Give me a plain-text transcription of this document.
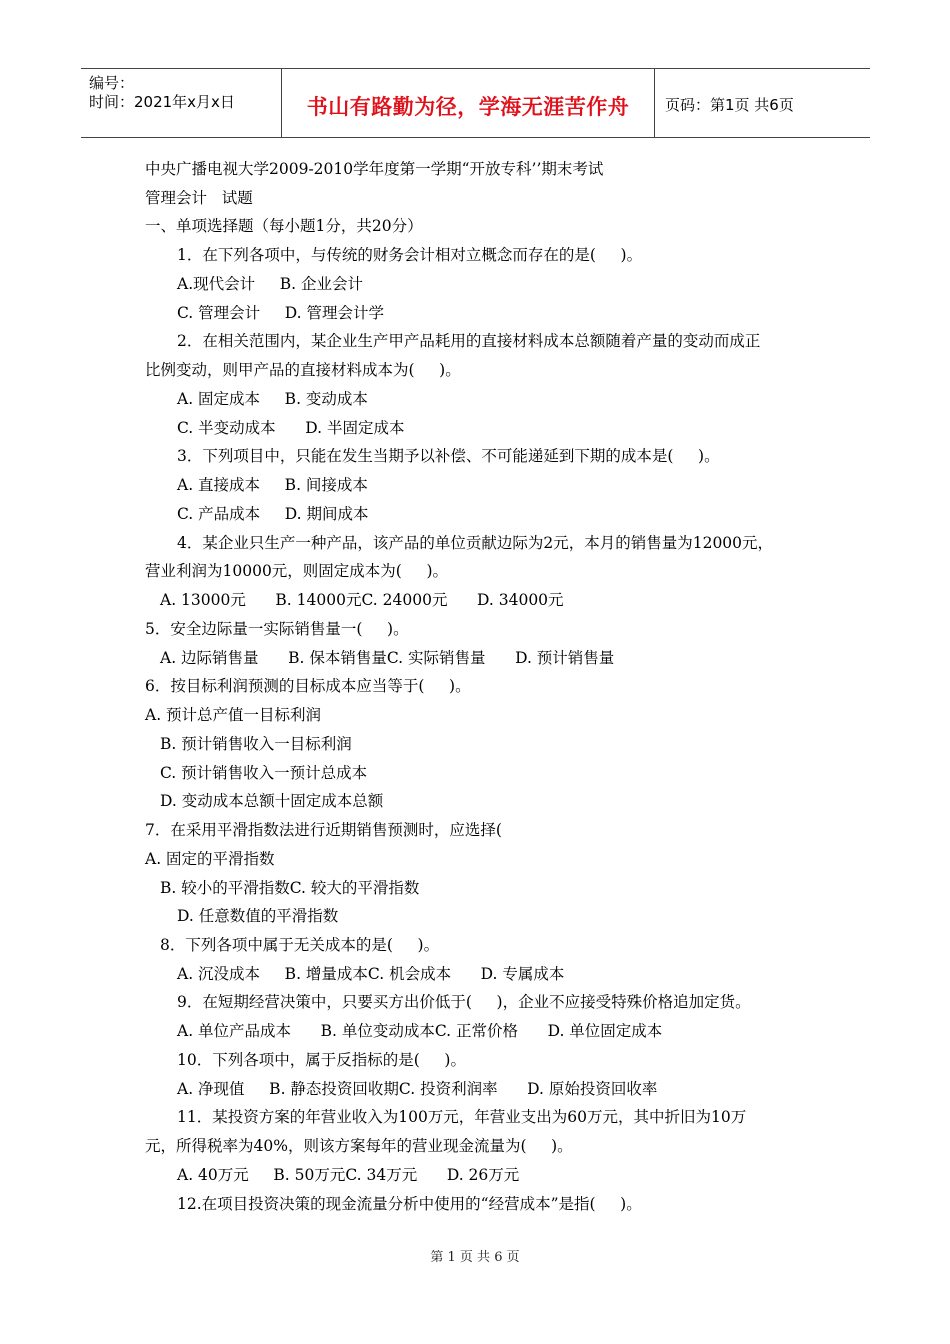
编号：
时间：2021年x月x日	书山有路勤为径，学海无涯苦作舟	页码：第1页 共6页
中央广播电视大学2009-2010学年度第一学期“开放专科’’期末考试
管理会计   试题
一、单项选择题（每小题1分，共20分）
1．在下列各项中，与传统的财务会计相对立概念而存在的是(     )。
A.现代会计     B. 企业会计
C. 管理会计     D. 管理会计学
2．在相关范围内，某企业生产甲产品耗用的直接材料成本总额随着产量的变动而成正
比例变动，则甲产品的直接材料成本为(     )。
A. 固定成本     B. 变动成本
C. 半变动成本      D. 半固定成本
3．下列项目中，只能在发生当期予以补偿、不可能递延到下期的成本是(     )。
A. 直接成本     B. 间接成本
C. 产品成本     D. 期间成本
4．某企业只生产一种产品，该产品的单位贡献边际为2元，本月的销售量为12000元，
营业利润为10000元，则固定成本为(     )。
A. 13000元      B. 14000元C. 24000元      D. 34000元
5．安全边际量一实际销售量一(     )。
A. 边际销售量      B. 保本销售量C. 实际销售量      D. 预计销售量
6．按目标利润预测的目标成本应当等于(     )。
A. 预计总产值一目标利润
B. 预计销售收入一目标利润
C. 预计销售收入一预计总成本
D. 变动成本总额十固定成本总额
7．在采用平滑指数法进行近期销售预测时，应选择(
A. 固定的平滑指数
B. 较小的平滑指数C. 较大的平滑指数
D. 任意数值的平滑指数
8．下列各项中属于无关成本的是(     )。
A. 沉没成本     B. 增量成本C. 机会成本      D. 专属成本
9．在短期经营决策中，只要买方出价低于(     )，企业不应接受特殊价格追加定货。
A. 单位产品成本      B. 单位变动成本C. 正常价格      D. 单位固定成本
10．下列各项中，属于反指标的是(     )。
A. 净现值     B. 静态投资回收期C. 投资利润率      D. 原始投资回收率
11．某投资方案的年营业收入为100万元，年营业支出为60万元，其中折旧为10万
元，所得税率为40%，则该方案每年的营业现金流量为(     )。
A. 40万元     B. 50万元C. 34万元      D. 26万元
12.在项目投资决策的现金流量分析中使用的“经营成本”是指(     )。
第 1 页 共 6 页
